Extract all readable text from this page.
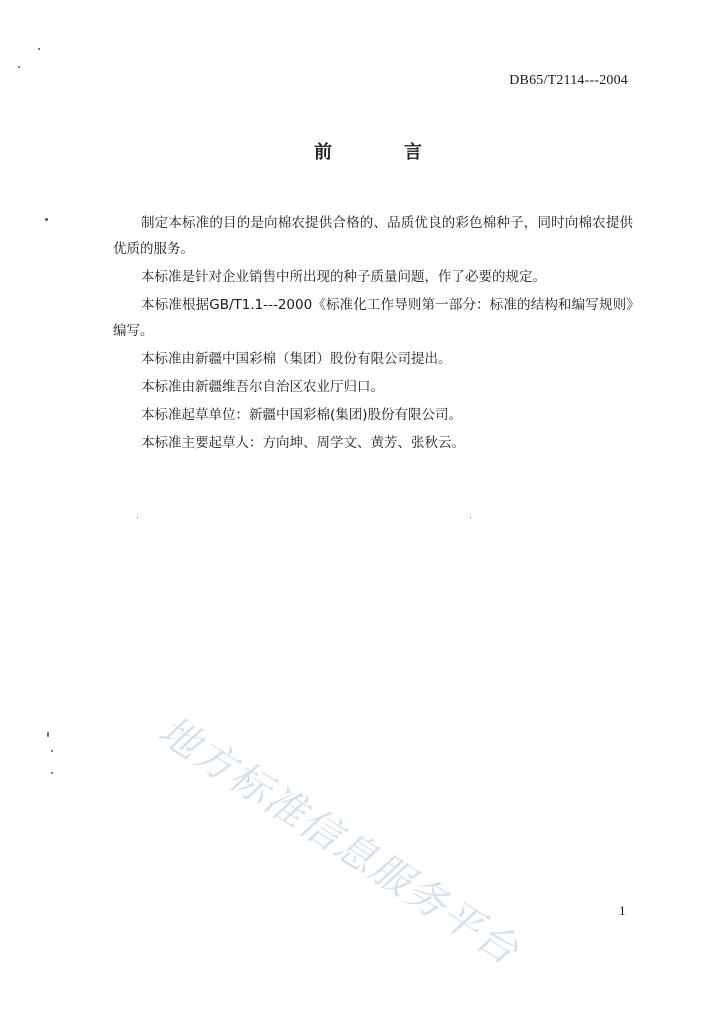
DB65/T2114---2004
前	言

制定本标准的目的是向棉农提供合格的、品质优良的彩色棉种子，同时向棉农提供优质的服务。

本标准是针对企业销售中所出现的种子质量问题，作了必要的规定。

本标准根据GB/T1.1---2000《标准化工作导则第一部分：标准的结构和编写规则》编写。

本标准由新疆中国彩棉（集团）股份有限公司提出。

本标准由新疆维吾尔自治区农业厅归口。

本标准起草单位：新疆中国彩棉(集团)股份有限公司。

本标准主要起草人：方向坤、周学文、黄芳、张秋云。

地方标准信息服务平台	1
